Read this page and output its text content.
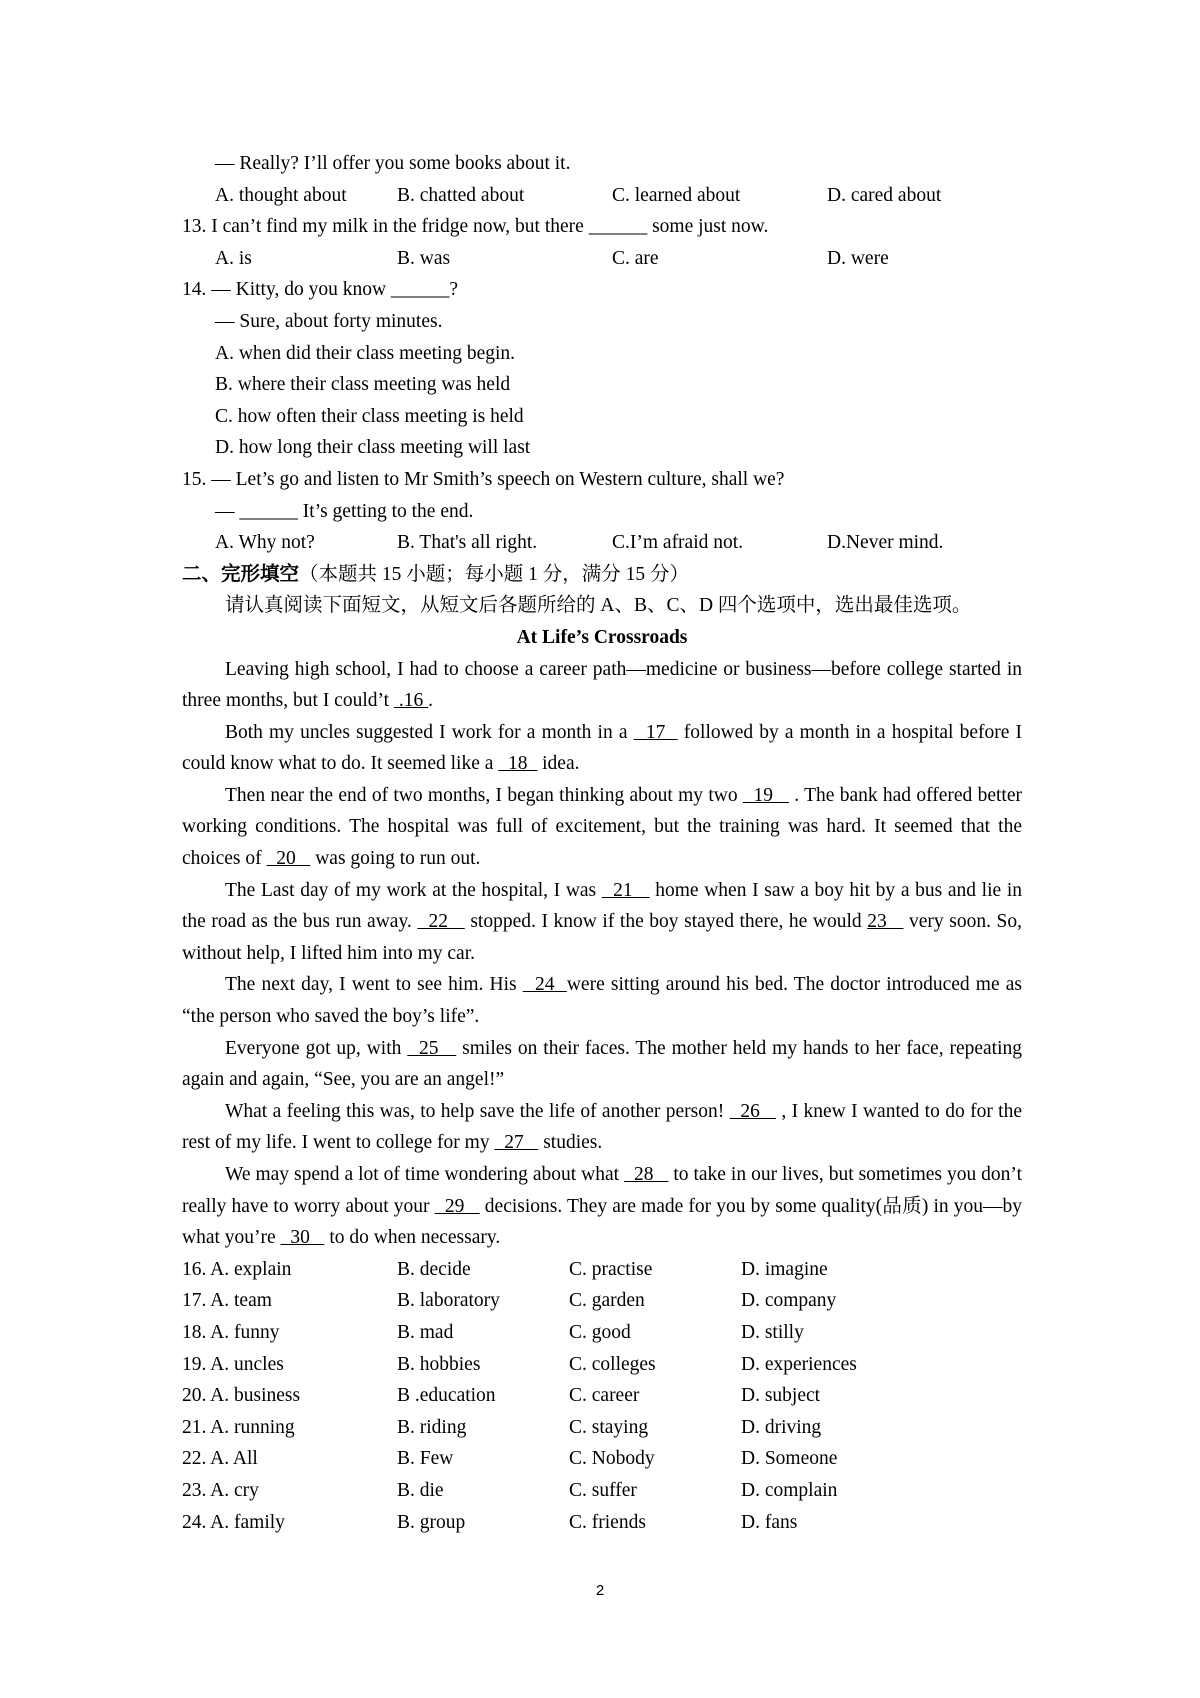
— Really? I’ll offer you some books about it.
A. thought about	B. chatted about	C. learned about	D. cared about
13. I can’t find my milk in the fridge now, but there ______ some just now.
A. is	B. was	C. are	D. were
14. — Kitty, do you know ______?
— Sure, about forty minutes.
A. when did their class meeting begin.
B. where their class meeting was held
C. how often their class meeting is held
D. how long their class meeting will last
15. — Let’s go and listen to Mr Smith’s speech on Western culture, shall we?
— ______ It’s getting to the end.
A. Why not?	B. That's all right.	C.I’m afraid not.	D.Never mind.
二、完形填空（本题共 15 小题；每小题 1 分，满分 15 分）
请认真阅读下面短文，从短文后各题所给的 A、B、C、D 四个选项中，选出最佳选项。
At Life’s Crossroads

Leaving high school, I had to choose a career path—medicine or business—before college started in three months, but I could’t  .16 .

Both my uncles suggested I work for a month in a   17   followed by a month in a hospital before I could know what to do. It seemed like a   18   idea.

Then near the end of two months, I began thinking about my two   19    . The bank had offered better working conditions. The hospital was full of excitement, but the training was hard. It seemed that the choices of   20    was going to run out.

The Last day of my work at the hospital, I was   21    home when I saw a boy hit by a bus and lie in the road as the bus run away.   22    stopped. I know if the boy stayed there, he would 23    very soon. So, without help, I lifted him into my car.

The next day, I went to see him. His   24  were sitting around his bed. The doctor introduced me as “the person who saved the boy’s life”.

Everyone got up, with   25    smiles on their faces. The mother held my hands to her face, repeating again and again, “See, you are an angel!”

What a feeling this was, to help save the life of another person!   26    , I knew I wanted to do for the rest of my life. I went to college for my   27    studies.

We may spend a lot of time wondering about what   28    to take in our lives, but sometimes you don’t really have to worry about your   29    decisions. They are made for you by some quality(品质) in you—by what you’re   30    to do when necessary.

16. A. explain	B. decide	C. practise	D. imagine
17. A. team	B. laboratory	C. garden	D. company
18. A. funny	B. mad	C. good	D. stilly
19. A. uncles	B. hobbies	C. colleges	D. experiences
20. A. business	B .education	C. career	D. subject
21. A. running	B. riding	C. staying	D. driving
22. A. All	B. Few	C. Nobody	D. Someone
23. A. cry	B. die	C. suffer	D. complain
24. A. family	B. group	C. friends	D. fans
2
